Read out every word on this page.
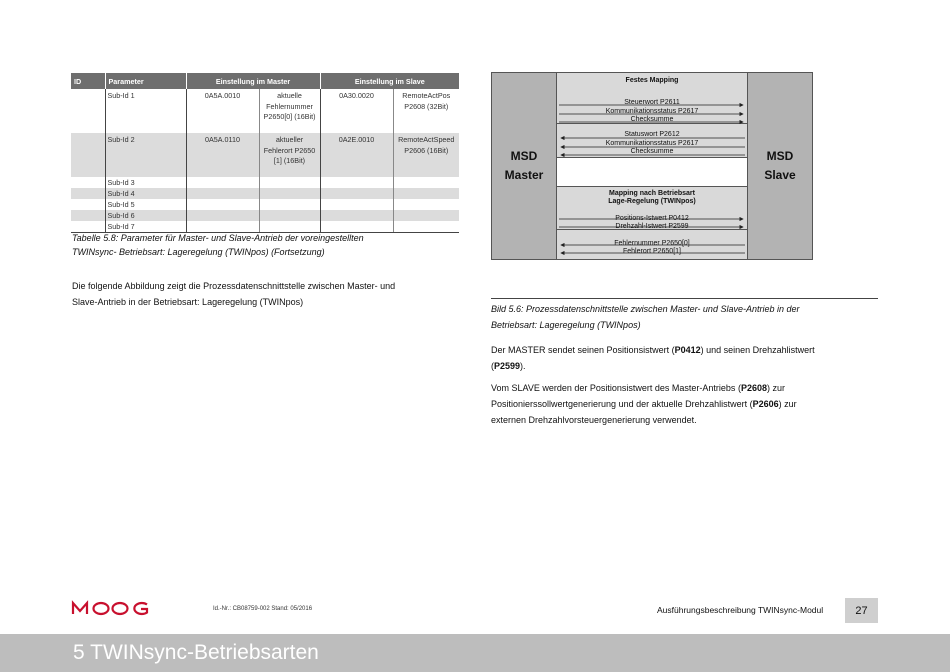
ID	Parameter	Einstellung im Master		Einstellung im Slave	
	Sub-Id 1	0A5A.0010	aktuelle
Fehlernummer
P2650[0] (16Bit)	0A30.0020	RemoteActPos
P2608 (32Bit)
	Sub-Id 2	0A5A.0110	aktueller
Fehlerort P2650
[1] (16Bit)	0A2E.0010	RemoteActSpeed
P2606 (16Bit)
	Sub-Id 3				
	Sub-Id 4				
	Sub-Id 5				
	Sub-Id 6				
	Sub-Id 7				
Tabelle 5.8: Parameter für Master- und Slave-Antrieb der voreingestellten
TWINsync- Betriebsart: Lageregelung (TWINpos) (Fortsetzung)
Die folgende Abbildung zeigt die Prozessdatenschnittstelle zwischen Master- und
Slave-Antrieb in der Betriebsart: Lageregelung (TWINpos)
MSD
Master
MSD
Slave
Festes Mapping
Steuerwort P2611
Kommunikationsstatus P2617
Checksumme
Statuswort P2612
Kommunikationsstatus P2617
Checksumme
Mapping nach Betriebsart
Lage-Regelung (TWINpos)
Positions-Istwert P0412
Drehzahl-Istwert P2599
Fehlernummer P2650[0]
Fehlerort P2650[1]
Bild 5.6: Prozessdatenschnittstelle zwischen Master- und Slave-Antrieb in der
Betriebsart: Lageregelung (TWINpos)
Der MASTER sendet seinen Positionsistwert (P0412) und seinen Drehzahlistwert
(P2599).
Vom SLAVE werden der Positionsistwert des Master-Antriebs (P2608) zur
Positionierssollwertgenerierung und der aktuelle Drehzahlistwert (P2606) zur
externen Drehzahlvorsteuergenerierung verwendet.
Id.-Nr.: CB08759-002 Stand: 05/2016	Ausführungsbeschreibung TWINsync-Modul	27
5 TWINsync-Betriebsarten
